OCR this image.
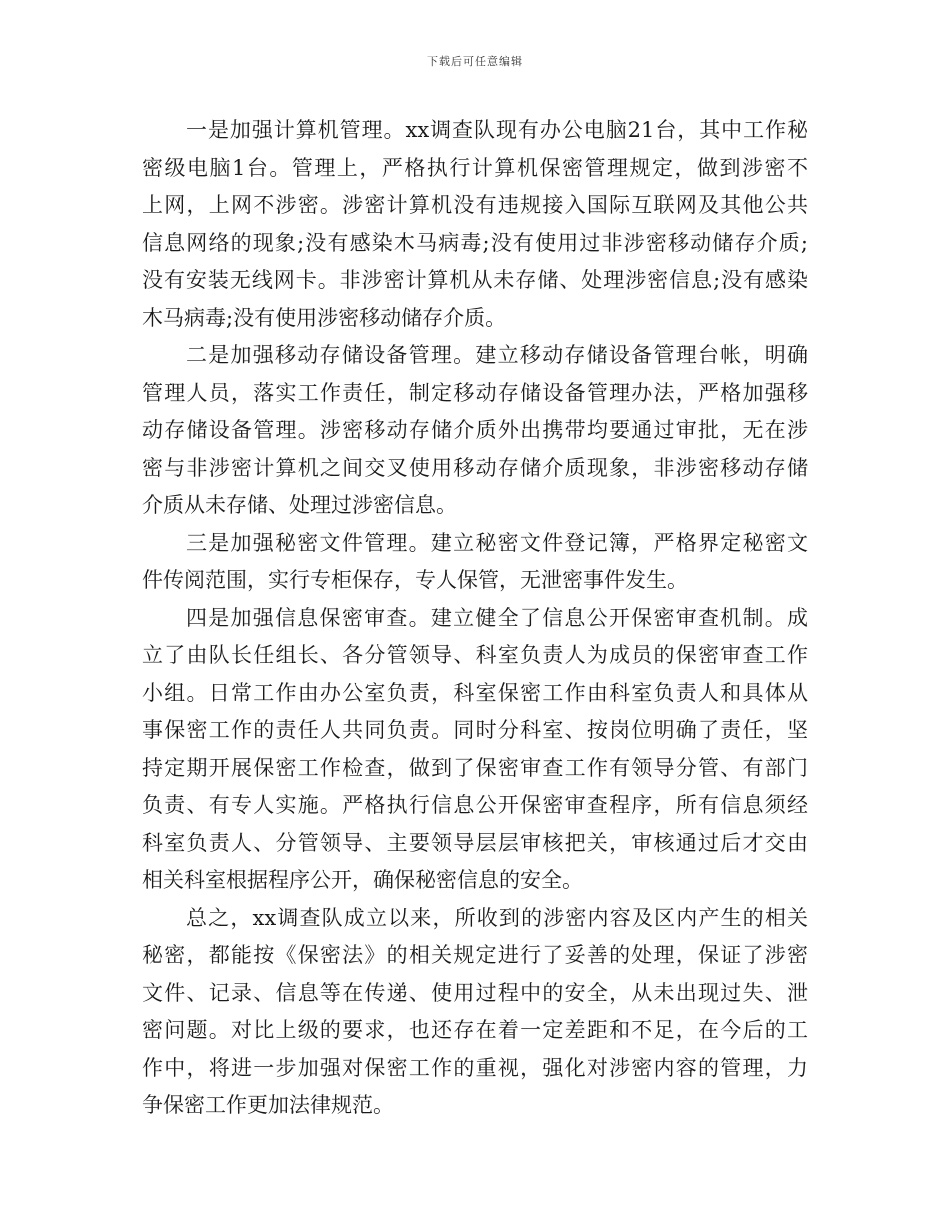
下载后可任意编辑
一是加强计算机管理。xx调查队现有办公电脑21台，其中工作秘
密级电脑1台。管理上，严格执行计算机保密管理规定，做到涉密不
上网，上网不涉密。涉密计算机没有违规接入国际互联网及其他公共
信息网络的现象;没有感染木马病毒;没有使用过非涉密移动储存介质;
没有安装无线网卡。非涉密计算机从未存储、处理涉密信息;没有感染
木马病毒;没有使用涉密移动储存介质。
二是加强移动存储设备管理。建立移动存储设备管理台帐，明确
管理人员，落实工作责任，制定移动存储设备管理办法，严格加强移
动存储设备管理。涉密移动存储介质外出携带均要通过审批，无在涉
密与非涉密计算机之间交叉使用移动存储介质现象，非涉密移动存储
介质从未存储、处理过涉密信息。
三是加强秘密文件管理。建立秘密文件登记簿，严格界定秘密文
件传阅范围，实行专柜保存，专人保管，无泄密事件发生。
四是加强信息保密审查。建立健全了信息公开保密审查机制。成
立了由队长任组长、各分管领导、科室负责人为成员的保密审查工作
小组。日常工作由办公室负责，科室保密工作由科室负责人和具体从
事保密工作的责任人共同负责。同时分科室、按岗位明确了责任，坚
持定期开展保密工作检查，做到了保密审查工作有领导分管、有部门
负责、有专人实施。严格执行信息公开保密审查程序，所有信息须经
科室负责人、分管领导、主要领导层层审核把关，审核通过后才交由
相关科室根据程序公开，确保秘密信息的安全。
总之，xx调查队成立以来，所收到的涉密内容及区内产生的相关
秘密，都能按《保密法》的相关规定进行了妥善的处理，保证了涉密
文件、记录、信息等在传递、使用过程中的安全，从未出现过失、泄
密问题。对比上级的要求，也还存在着一定差距和不足，在今后的工
作中，将进一步加强对保密工作的重视，强化对涉密内容的管理，力
争保密工作更加法律规范。
